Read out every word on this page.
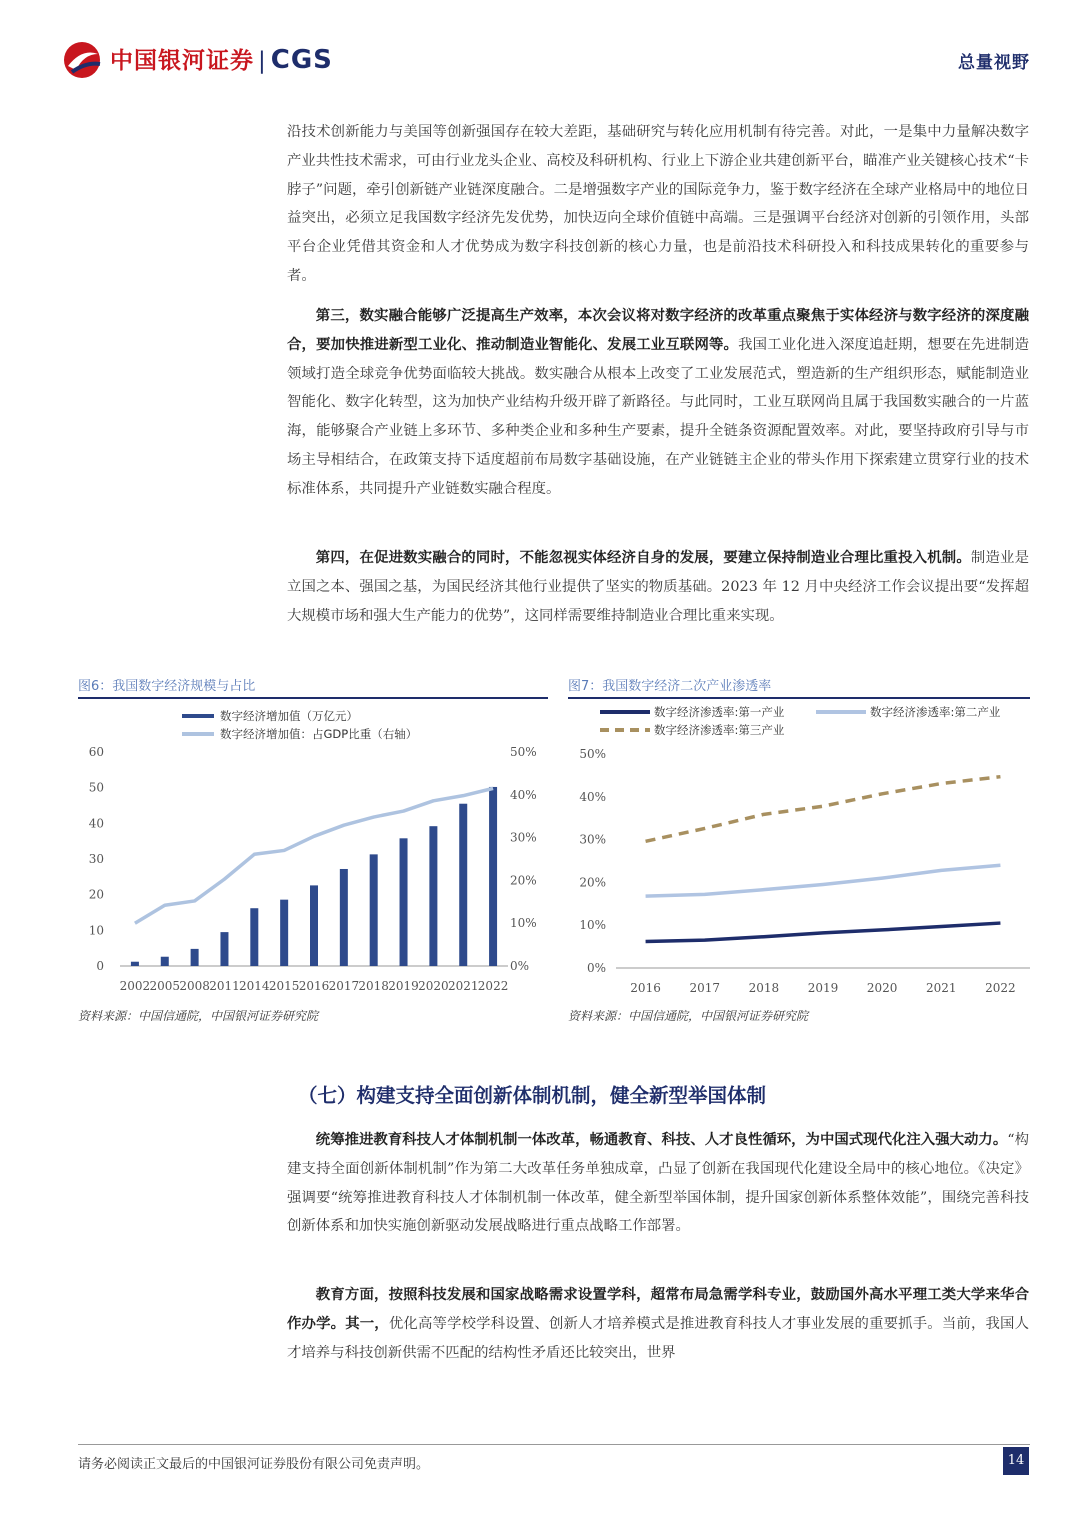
中国银河证券 | CGS	总量视野

沿技术创新能力与美国等创新强国存在较大差距，基础研究与转化应用机制有待完善。对此，一是集中力量解决数字产业共性技术需求，可由行业龙头企业、高校及科研机构、行业上下游企业共建创新平台，瞄准产业关键核心技术“卡脖子”问题，牵引创新链产业链深度融合。二是增强数字产业的国际竞争力，鉴于数字经济在全球产业格局中的地位日益突出，必须立足我国数字经济先发优势，加快迈向全球价值链中高端。三是强调平台经济对创新的引领作用，头部平台企业凭借其资金和人才优势成为数字科技创新的核心力量，也是前沿技术科研投入和科技成果转化的重要参与者。

第三，数实融合能够广泛提高生产效率，本次会议将对数字经济的改革重点聚焦于实体经济与数字经济的深度融合，要加快推进新型工业化、推动制造业智能化、发展工业互联网等。我国工业化进入深度追赶期，想要在先进制造领域打造全球竞争优势面临较大挑战。数实融合从根本上改变了工业发展范式，塑造新的生产组织形态，赋能制造业智能化、数字化转型，这为加快产业结构升级开辟了新路径。与此同时，工业互联网尚且属于我国数实融合的一片蓝海，能够聚合产业链上多环节、多种类企业和多种生产要素，提升全链条资源配置效率。对此，要坚持政府引导与市场主导相结合，在政策支持下适度超前布局数字基础设施，在产业链链主企业的带头作用下探索建立贯穿行业的技术标准体系，共同提升产业链数实融合程度。

第四，在促进数实融合的同时，不能忽视实体经济自身的发展，要建立保持制造业合理比重投入机制。制造业是立国之本、强国之基，为国民经济其他行业提供了坚实的物质基础。2023 年 12 月中央经济工作会议提出要“发挥超大规模市场和强大生产能力的优势”，这同样需要维持制造业合理比重来实现。

图6：我国数字经济规模与占比
数字经济增加值（万亿元）
数字经济增加值：占GDP比重（右轴）
0
10
20
30
40
50
60
0%
10%
20%
30%
40%
50%
2002 2005 2008 2011 2014 2015 2016 2017 2018 2019 2020 2021 2022
资料来源：中国信通院，中国银河证券研究院
图7：我国数字经济二次产业渗透率
数字经济渗透率:第一产业	数字经济渗透率:第二产业
数字经济渗透率:第三产业
0%
10%
20%
30%
40%
50%
2016 2017 2018 2019 2020 2021 2022
资料来源：中国信通院，中国银河证券研究院
（七）构建支持全面创新体制机制，健全新型举国体制

统筹推进教育科技人才体制机制一体改革，畅通教育、科技、人才良性循环，为中国式现代化注入强大动力。“构建支持全面创新体制机制”作为第二大改革任务单独成章，凸显了创新在我国现代化建设全局中的核心地位。《决定》强调要“统筹推进教育科技人才体制机制一体改革，健全新型举国体制，提升国家创新体系整体效能”，围绕完善科技创新体系和加快实施创新驱动发展战略进行重点战略工作部署。

教育方面，按照科技发展和国家战略需求设置学科，超常布局急需学科专业，鼓励国外高水平理工类大学来华合作办学。其一，优化高等学校学科设置、创新人才培养模式是推进教育科技人才事业发展的重要抓手。当前，我国人才培养与科技创新供需不匹配的结构性矛盾还比较突出，世界

请务必阅读正文最后的中国银河证券股份有限公司免责声明。	14
